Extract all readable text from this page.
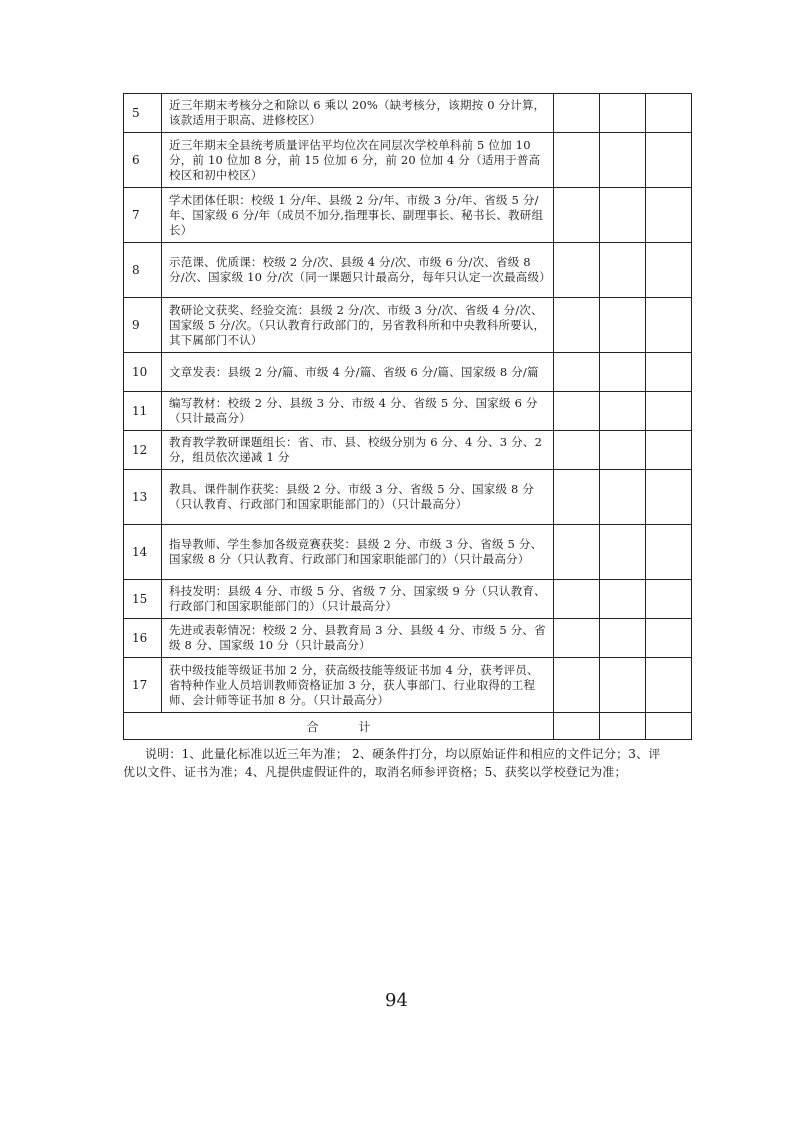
5	近三年期末考核分之和除以 6 乘以 20%（缺考核分，该期按 0 分计算，该款适用于职高、进修校区）			
6	近三年期末全县统考质量评估平均位次在同层次学校单科前 5 位加 10 分，前 10 位加 8 分，前 15 位加 6 分，前 20 位加 4 分（适用于普高校区和初中校区）			
7	学术团体任职：校级 1 分/年、县级 2 分/年、市级 3 分/年、省级 5 分/年、国家级 6 分/年（成员不加分,指理事长、副理事长、秘书长、教研组长）			
8	示范课、优质课：校级 2 分/次、县级 4 分/次、市级 6 分/次、省级 8 分/次、国家级 10 分/次（同一课题只计最高分，每年只认定一次最高级）			
9	教研论文获奖、经验交流：县级 2 分/次、市级 3 分/次、省级 4 分/次、国家级 5 分/次。（只认教育行政部门的，另省教科所和中央教科所要认，其下属部门不认）			
10	文章发表：县级 2 分/篇、市级 4 分/篇、省级 6 分/篇、国家级 8 分/篇			
11	编写教材：校级 2 分、县级 3 分、市级 4 分、省级 5 分、国家级 6 分（只计最高分）			
12	教育教学教研课题组长：省、市、县、校级分别为 6 分、4 分、3 分、2 分，组员依次递减 1 分			
13	教具、课件制作获奖：县级 2 分、市级 3 分、省级 5 分、国家级 8 分（只认教育、行政部门和国家职能部门的）（只计最高分）			
14	指导教师、学生参加各级竞赛获奖：县级 2 分、市级 3 分、省级 5 分、国家级 8 分（只认教育、行政部门和国家职能部门的）（只计最高分）			
15	科技发明：县级 4 分、市级 5 分、省级 7 分、国家级 9 分（只认教育、行政部门和国家职能部门的）（只计最高分）			
16	先进或表彰情况：校级 2 分、县教育局 3 分、县级 4 分、市级 5 分、省级 8 分、国家级 10 分（只计最高分）			
17	获中级技能等级证书加 2 分，获高级技能等级证书加 4 分，获考评员、省特种作业人员培训教师资格证加 3 分，获人事部门、行业取得的工程师、会计师等证书加 8 分。（只计最高分）			
合计				
说明：1、此量化标准以近三年为准； 2、硬条件打分，均以原始证件和相应的文件记分；3、评优以文件、证书为准；4、凡提供虚假证件的，取消名师参评资格；5、获奖以学校登记为准；
94
